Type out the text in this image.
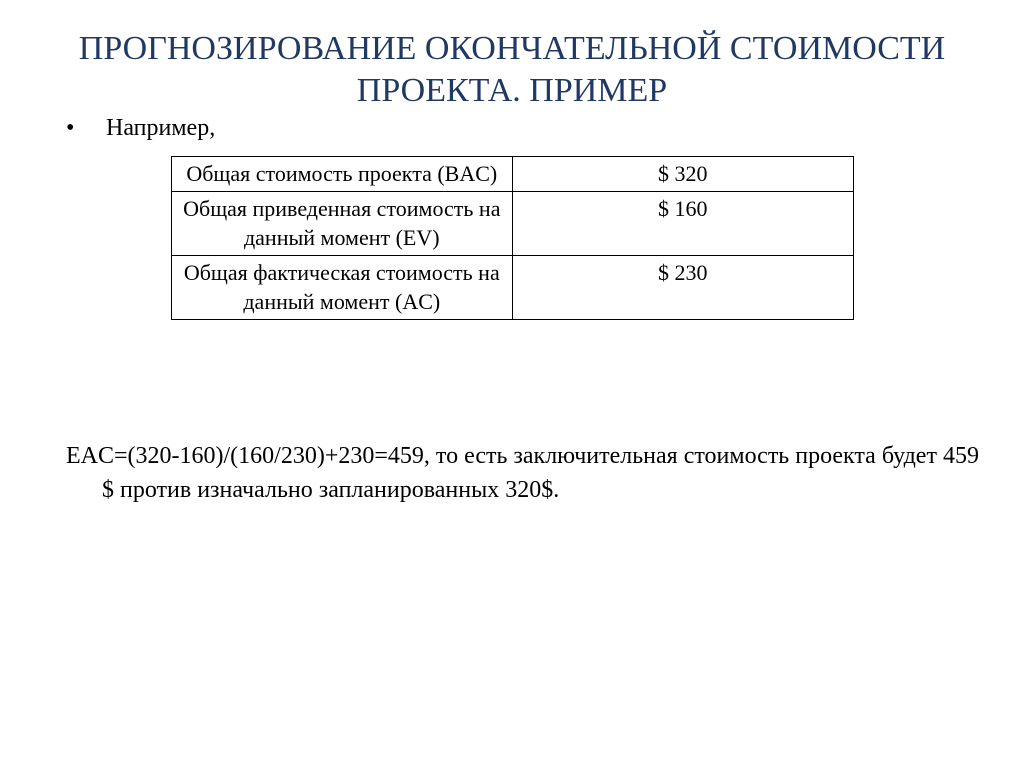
ПРОГНОЗИРОВАНИЕ ОКОНЧАТЕЛЬНОЙ СТОИМОСТИ
ПРОЕКТА. ПРИМЕР
•	Например,
Общая стоимость проекта (BAC)	$ 320
Общая приведенная стоимость на данный момент (EV)	$ 160
Общая фактическая стоимость на данный момент (AC)	$ 230
EAC=(320-160)/(160/230)+230=459, то есть заключительная стоимость проекта будет 459 $ против изначально запланированных 320$.
